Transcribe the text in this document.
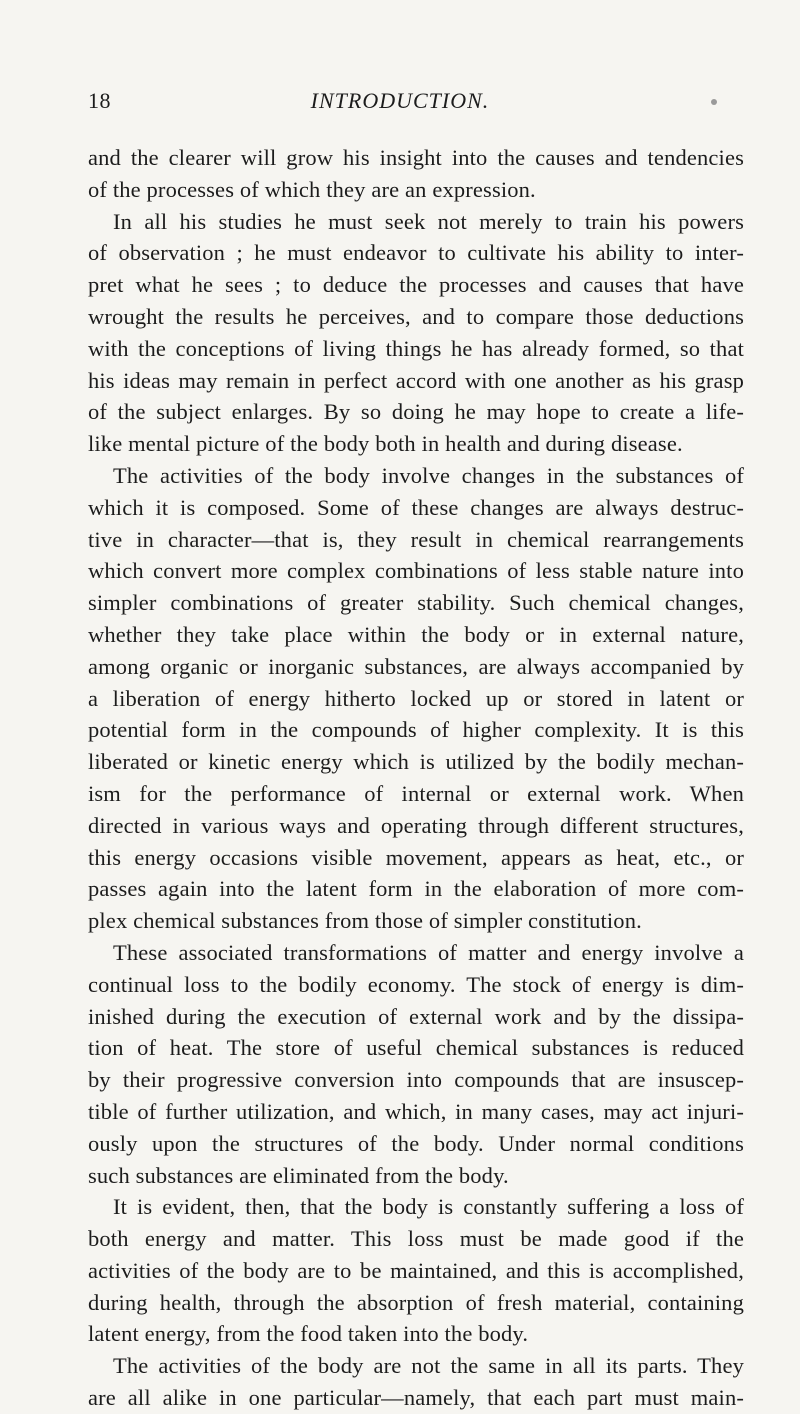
18	INTRODUCTION.
and the clearer will grow his insight into the causes and tendencies
of the processes of which they are an expression.
In all his studies he must seek not merely to train his powers
of observation ; he must endeavor to cultivate his ability to inter-
pret what he sees ; to deduce the processes and causes that have
wrought the results he perceives, and to compare those deductions
with the conceptions of living things he has already formed, so that
his ideas may remain in perfect accord with one another as his grasp
of the subject enlarges. By so doing he may hope to create a life-
like mental picture of the body both in health and during disease.
The activities of the body involve changes in the substances of
which it is composed. Some of these changes are always destruc-
tive in character—that is, they result in chemical rearrangements
which convert more complex combinations of less stable nature into
simpler combinations of greater stability. Such chemical changes,
whether they take place within the body or in external nature,
among organic or inorganic substances, are always accompanied by
a liberation of energy hitherto locked up or stored in latent or
potential form in the compounds of higher complexity. It is this
liberated or kinetic energy which is utilized by the bodily mechan-
ism for the performance of internal or external work. When
directed in various ways and operating through different structures,
this energy occasions visible movement, appears as heat, etc., or
passes again into the latent form in the elaboration of more com-
plex chemical substances from those of simpler constitution.
These associated transformations of matter and energy involve a
continual loss to the bodily economy. The stock of energy is dim-
inished during the execution of external work and by the dissipa-
tion of heat. The store of useful chemical substances is reduced
by their progressive conversion into compounds that are insuscep-
tible of further utilization, and which, in many cases, may act injuri-
ously upon the structures of the body. Under normal conditions
such substances are eliminated from the body.
It is evident, then, that the body is constantly suffering a loss of
both energy and matter. This loss must be made good if the
activities of the body are to be maintained, and this is accomplished,
during health, through the absorption of fresh material, containing
latent energy, from the food taken into the body.
The activities of the body are not the same in all its parts. They
are all alike in one particular—namely, that each part must main-
